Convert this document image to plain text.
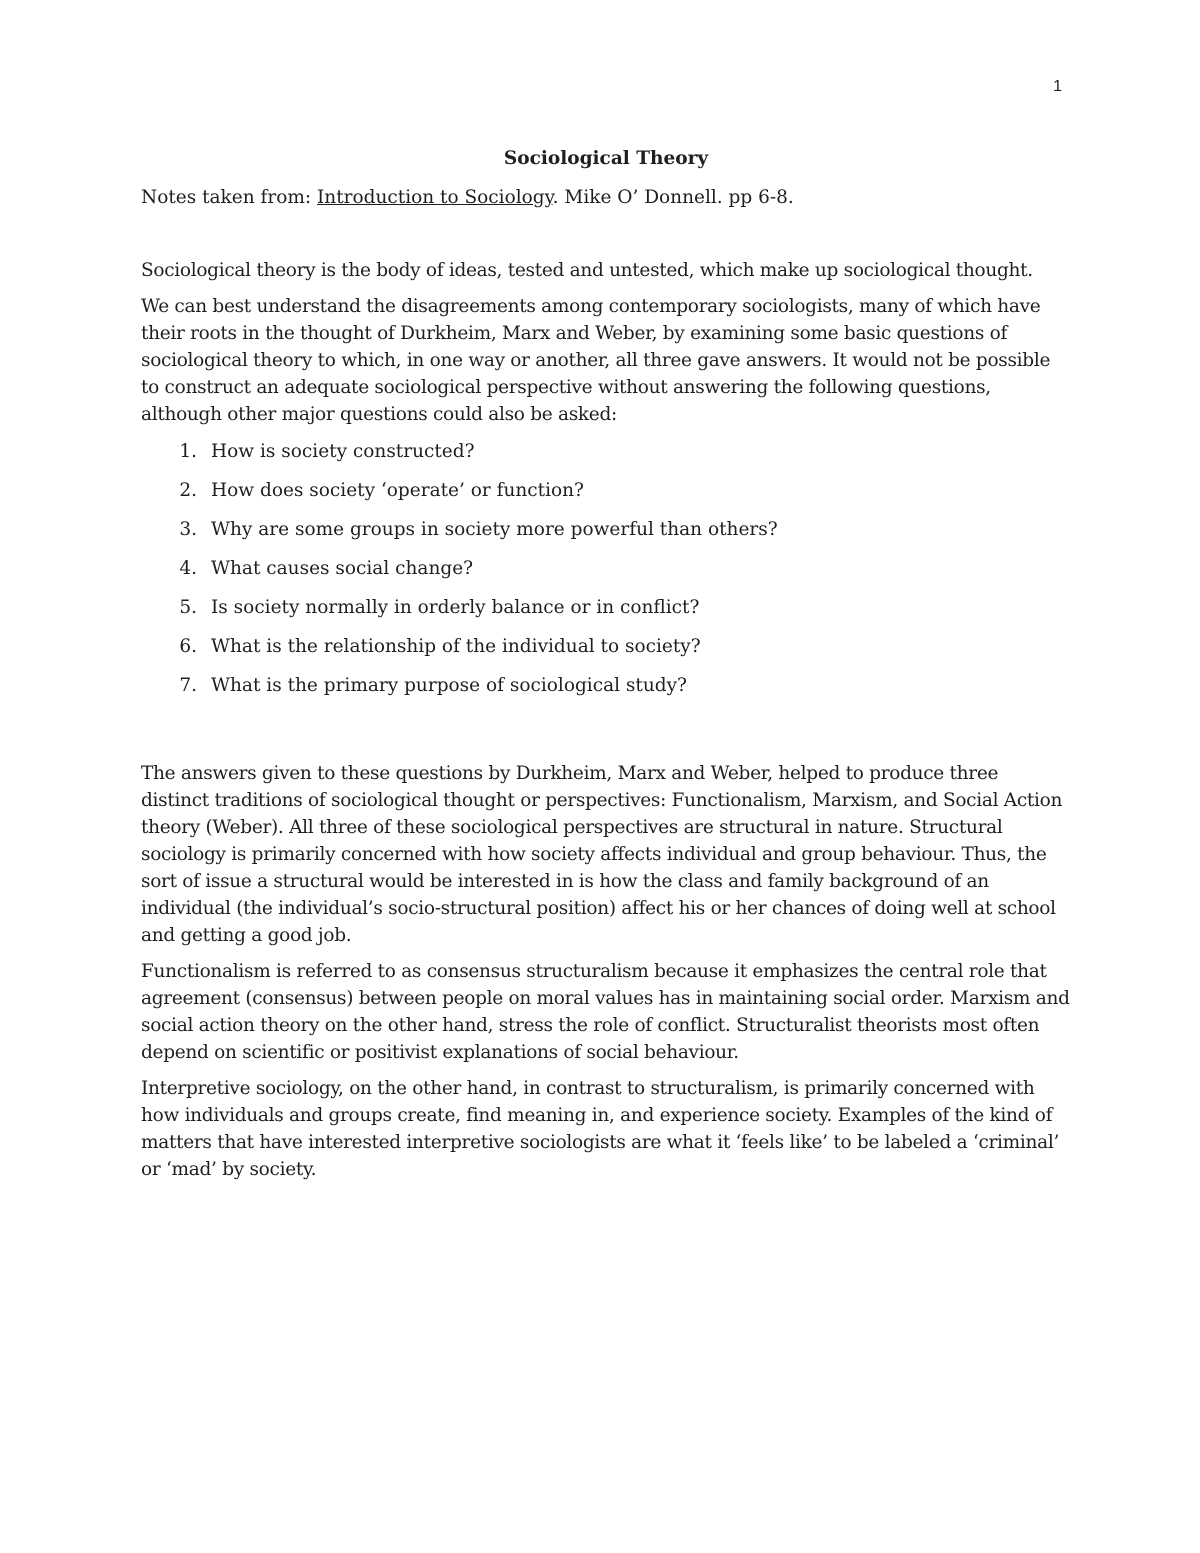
1
Sociological Theory
Notes taken from: Introduction to Sociology. Mike O’ Donnell. pp 6-8.

Sociological theory is the body of ideas, tested and untested, which make up sociological thought.

We can best understand the disagreements among contemporary sociologists, many of which have their roots in the thought of Durkheim, Marx and Weber, by examining some basic questions of sociological theory to which, in one way or another, all three gave answers. It would not be possible to construct an adequate sociological perspective without answering the following questions, although other major questions could also be asked:

1. How is society constructed?
2. How does society ‘operate’ or function?
3. Why are some groups in society more powerful than others?
4. What causes social change?
5. Is society normally in orderly balance or in conflict?
6. What is the relationship of the individual to society?
7. What is the primary purpose of sociological study?

The answers given to these questions by Durkheim, Marx and Weber, helped to produce three distinct traditions of sociological thought or perspectives: Functionalism, Marxism, and Social Action theory (Weber). All three of these sociological perspectives are structural in nature. Structural sociology is primarily concerned with how society affects individual and group behaviour. Thus, the sort of issue a structural would be interested in is how the class and family background of an individual (the individual’s socio-structural position) affect his or her chances of doing well at school and getting a good job.

Functionalism is referred to as consensus structuralism because it emphasizes the central role that agreement (consensus) between people on moral values has in maintaining social order. Marxism and social action theory on the other hand, stress the role of conflict. Structuralist theorists most often depend on scientific or positivist explanations of social behaviour.

Interpretive sociology, on the other hand, in contrast to structuralism, is primarily concerned with how individuals and groups create, find meaning in, and experience society. Examples of the kind of matters that have interested interpretive sociologists are what it ‘feels like’ to be labeled a ‘criminal’ or ‘mad’ by society.
